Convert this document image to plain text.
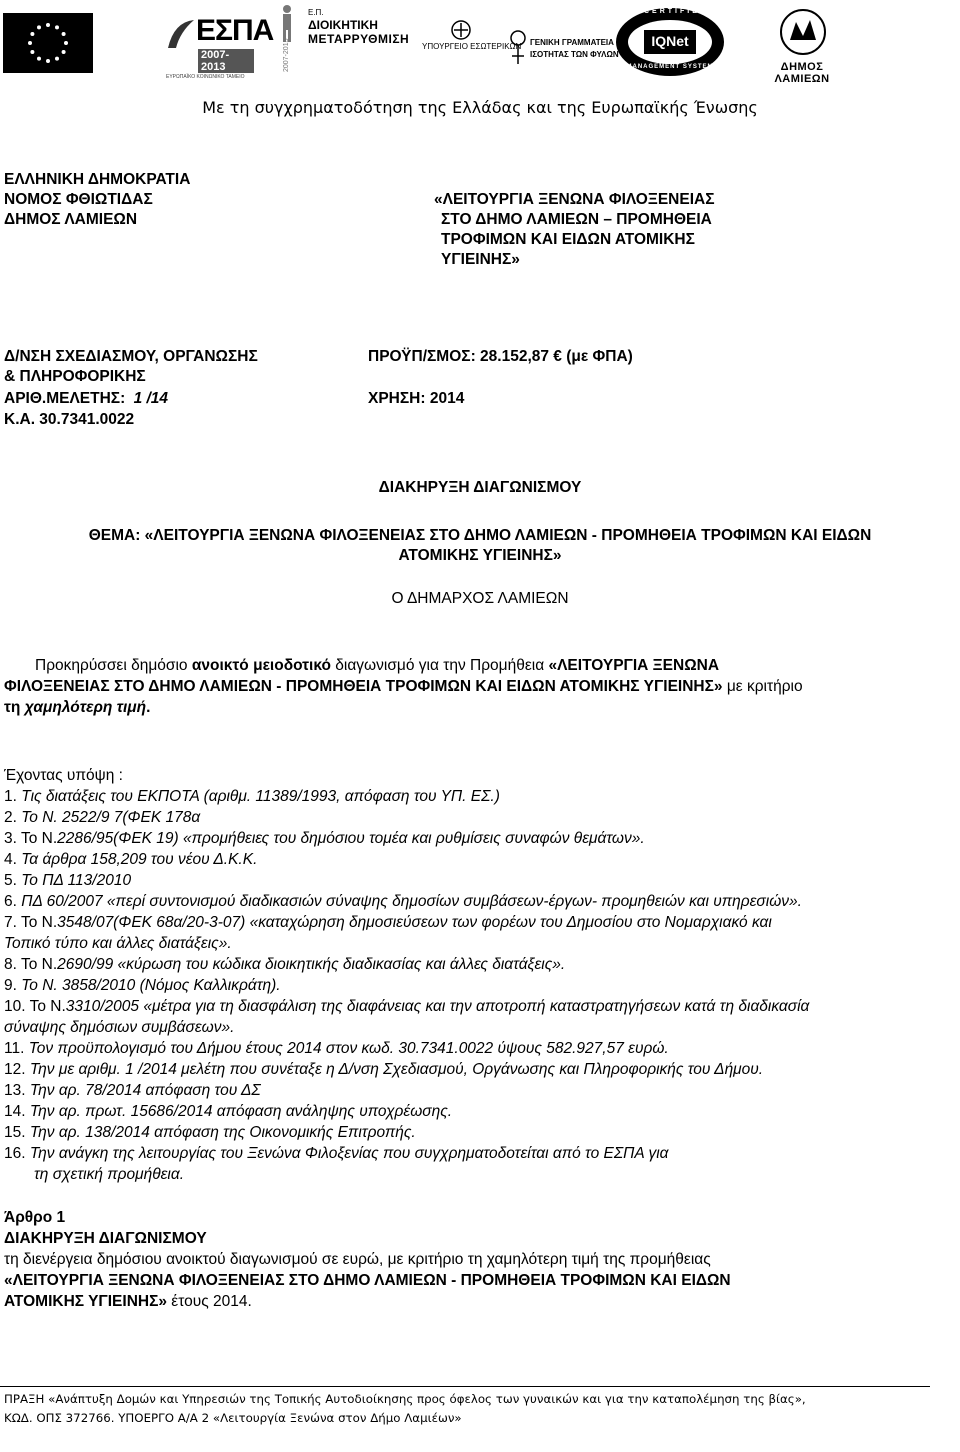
ΕΣΠΑ
2007-2013
ΕΥΡΩΠΑΪΚΟ ΚΟΙΝΩΝΙΚΟ ΤΑΜΕΙΟ
2007-2013
Ε.Π.
ΔΙΟΙΚΗΤΙΚΗ
ΜΕΤΑΡΡΥΘΜΙΣΗ
ΥΠΟΥΡΓΕΙΟ ΕΣΩΤΕΡΙΚΩΝ ΓΕΝΙΚΗ ΓΡΑΜΜΑΤΕΙΑ
ΙΣΟΤΗΤΑΣ ΤΩΝ ΦΥΛΩΝ
CERTIFIED
IQNet
MANAGEMENT SYSTEM	ΔΗΜΟΣ ΛΑΜΙΕΩΝ
Με τη συγχρηματοδότηση της Ελλάδας και της Ευρωπαϊκής Ένωσης
ΕΛΛΗΝΙΚΗ ΔΗΜΟΚΡΑΤΙΑ
ΝΟΜΟΣ ΦΘΙΩΤΙΔΑΣ
ΔΗΜΟΣ ΛΑΜΙΕΩΝ
«ΛΕΙΤΟΥΡΓΙΑ ΞΕΝΩΝΑ ΦΙΛΟΞΕΝΕΙΑΣ
ΣΤΟ ΔΗΜΟ ΛΑΜΙΕΩΝ – ΠΡΟΜΗΘΕΙΑ
ΤΡΟΦΙΜΩΝ ΚΑΙ ΕΙΔΩΝ ΑΤΟΜΙΚΗΣ
ΥΓΙΕΙΝΗΣ»
Δ/ΝΣΗ ΣΧΕΔΙΑΣΜΟΥ, ΟΡΓΑΝΩΣΗΣ
& ΠΛΗΡΟΦΟΡΙΚΗΣ
ΑΡΙΘ.ΜΕΛΕΤΗΣ: 1 /14
Κ.Α. 30.7341.0022
ΠΡΟΫΠ/ΣΜΟΣ: 28.152,87 € (με ΦΠΑ)
ΧΡΗΣΗ: 2014
ΔΙΑΚΗΡΥΞΗ ΔΙΑΓΩΝΙΣΜΟΥ
ΘΕΜΑ: «ΛΕΙΤΟΥΡΓΙΑ ΞΕΝΩΝΑ ΦΙΛΟΞΕΝΕΙΑΣ ΣΤΟ ΔΗΜΟ ΛΑΜΙΕΩΝ - ΠΡΟΜΗΘΕΙΑ ΤΡΟΦΙΜΩΝ ΚΑΙ ΕΙΔΩΝ
ΑΤΟΜΙΚΗΣ ΥΓΙΕΙΝΗΣ»
Ο ΔΗΜΑΡΧΟΣ ΛΑΜΙΕΩΝ
Προκηρύσσει δημόσιο ανοικτό μειοδοτικό διαγωνισμό για την Προμήθεια «ΛΕΙΤΟΥΡΓΙΑ ΞΕΝΩΝΑ
ΦΙΛΟΞΕΝΕΙΑΣ ΣΤΟ ΔΗΜΟ ΛΑΜΙΕΩΝ - ΠΡΟΜΗΘΕΙΑ ΤΡΟΦΙΜΩΝ ΚΑΙ ΕΙΔΩΝ ΑΤΟΜΙΚΗΣ ΥΓΙΕΙΝΗΣ» με κριτήριο
τη χαμηλότερη τιμή.
Έχοντας υπόψη :
1. Τις διατάξεις του ΕΚΠΟΤΑ (αριθμ. 11389/1993, απόφαση του ΥΠ. ΕΣ.)
2. Το Ν. 2522/9 7(ΦΕΚ 178α
3. Το Ν.2286/95(ΦΕΚ 19) «προμήθειες του δημόσιου τομέα και ρυθμίσεις συναφών θεμάτων».
4. Τα άρθρα 158,209 του νέου Δ.Κ.Κ.
5. Το ΠΔ 113/2010
6. ΠΔ 60/2007 «περί συντονισμού διαδικασιών σύναψης δημοσίων συμβάσεων-έργων- προμηθειών και υπηρεσιών».
7. Το Ν.3548/07(ΦΕΚ 68α/20-3-07) «καταχώρηση δημοσιεύσεων των φορέων του Δημοσίου στο Νομαρχιακό και
Τοπικό τύπο και άλλες διατάξεις».
8. Το Ν.2690/99 «κύρωση του κώδικα διοικητικής διαδικασίας και άλλες διατάξεις».
9. Το Ν. 3858/2010 (Νόμος Καλλικράτη).
10. Το Ν.3310/2005 «μέτρα για τη διασφάλιση της διαφάνειας και την αποτροπή καταστρατηγήσεων κατά τη διαδικασία
σύναψης δημόσιων συμβάσεων».
11. Τον προϋπολογισμό του Δήμου έτους 2014 στον κωδ. 30.7341.0022 ύψους 582.927,57 ευρώ.
12. Την με αριθμ. 1 /2014 μελέτη που συνέταξε η Δ/νση Σχεδιασμού, Οργάνωσης και Πληροφορικής του Δήμου.
13. Την αρ. 78/2014 απόφαση του ΔΣ
14. Την αρ. πρωτ. 15686/2014 απόφαση ανάληψης υποχρέωσης.
15. Την αρ. 138/2014 απόφαση της Οικονομικής Επιτροπής.
16. Την ανάγκη της λειτουργίας του Ξενώνα Φιλοξενίας που συγχρηματοδοτείται από το ΕΣΠΑ για
τη σχετική προμήθεια.
Άρθρο 1
ΔΙΑΚΗΡΥΞΗ ΔΙΑΓΩΝΙΣΜΟΥ
τη διενέργεια δημόσιου ανοικτού διαγωνισμού σε ευρώ, με κριτήριο τη χαμηλότερη τιμή της προμήθειας
«ΛΕΙΤΟΥΡΓΙΑ ΞΕΝΩΝΑ ΦΙΛΟΞΕΝΕΙΑΣ ΣΤΟ ΔΗΜΟ ΛΑΜΙΕΩΝ - ΠΡΟΜΗΘΕΙΑ ΤΡΟΦΙΜΩΝ ΚΑΙ ΕΙΔΩΝ
ΑΤΟΜΙΚΗΣ ΥΓΙΕΙΝΗΣ» έτους 2014.
ΠΡΑΞΗ «Ανάπτυξη Δομών και Υπηρεσιών της Τοπικής Αυτοδιοίκησης προς όφελος των γυναικών και για την καταπολέμηση της βίας»,
ΚΩΔ. ΟΠΣ 372766. ΥΠΟΕΡΓΟ Α/Α 2 «Λειτουργία Ξενώνα στον Δήμο Λαμιέων»
